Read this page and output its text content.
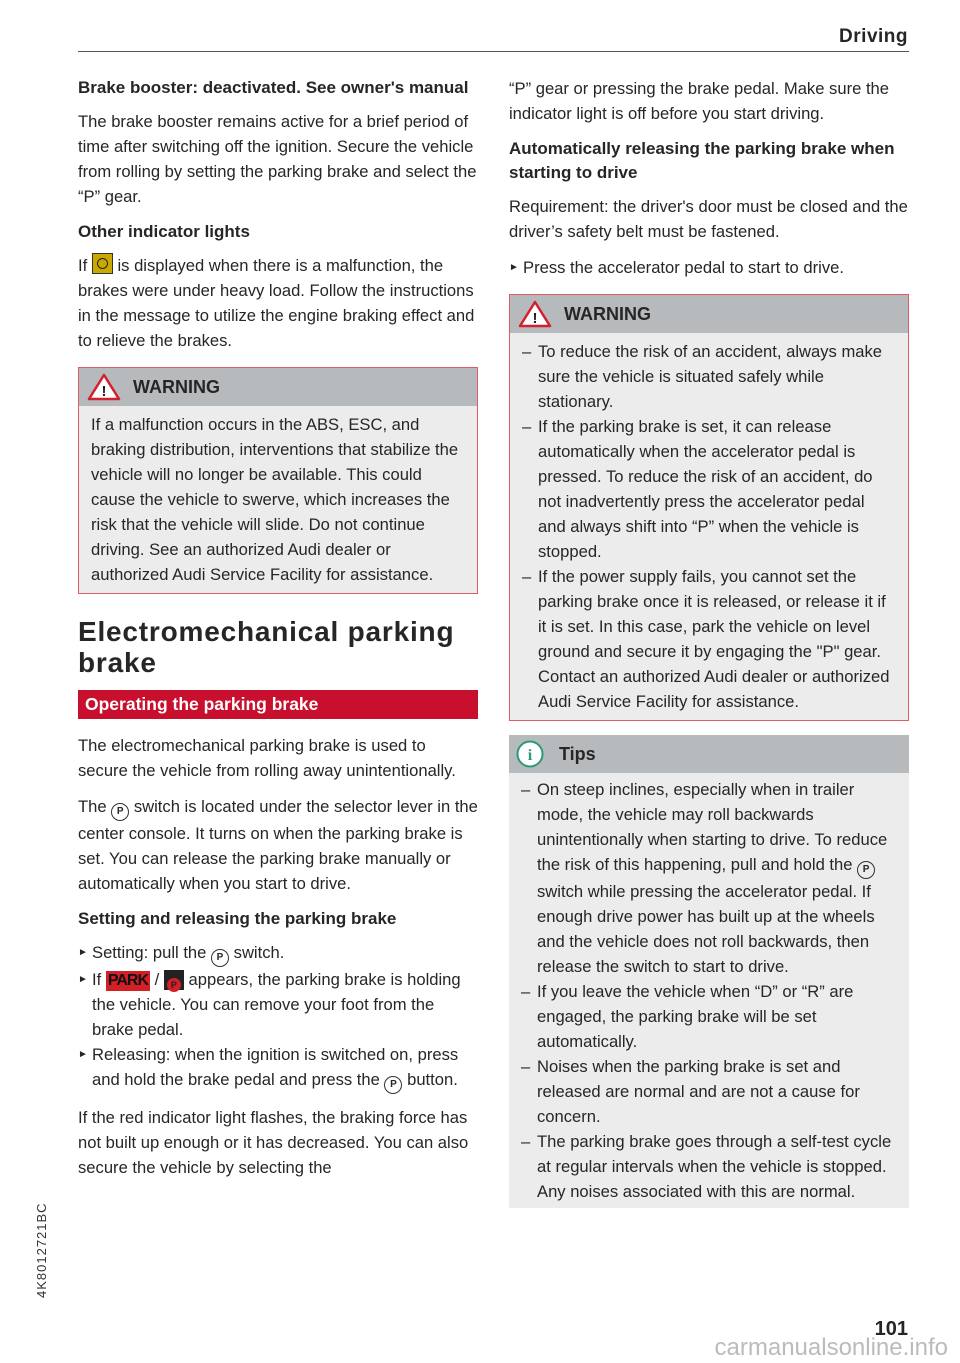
Driving
Brake booster: deactivated. See owner's manual

The brake booster remains active for a brief period of time after switching off the ignition. Secure the vehicle from rolling by setting the parking brake and select the “P” gear.

Other indicator lights

If is displayed when there is a malfunction, the brakes were under heavy load. Follow the instructions in the message to utilize the engine braking effect and to relieve the brakes.

! WARNING
If a malfunction occurs in the ABS, ESC, and braking distribution, interventions that stabilize the vehicle will no longer be available. This could cause the vehicle to swerve, which increases the risk that the vehicle will slide. Do not continue driving. See an authorized Audi dealer or authorized Audi Service Facility for assistance.
Electromechanical parking brake
Operating the parking brake

The electromechanical parking brake is used to secure the vehicle from rolling away unintentionally.

The P switch is located under the selector lever in the center console. It turns on when the parking brake is set. You can release the parking brake manually or automatically when you start to drive.

Setting and releasing the parking brake
► Setting: pull the P switch.
► If PARK / P appears, the parking brake is holding the vehicle. You can remove your foot from the brake pedal.
► Releasing: when the ignition is switched on, press and hold the brake pedal and press the P button.

If the red indicator light flashes, the braking force has not built up enough or it has decreased. You can also secure the vehicle by selecting the

“P” gear or pressing the brake pedal. Make sure the indicator light is off before you start driving.

Automatically releasing the parking brake when starting to drive

Requirement: the driver's door must be closed and the driver’s safety belt must be fastened.

► Press the accelerator pedal to start to drive.
! WARNING
– To reduce the risk of an accident, always make sure the vehicle is situated safely while stationary.
– If the parking brake is set, it can release automatically when the accelerator pedal is pressed. To reduce the risk of an accident, do not inadvertently press the accelerator pedal and always shift into “P” when the vehicle is stopped.
– If the power supply fails, you cannot set the parking brake once it is released, or release it if it is set. In this case, park the vehicle on level ground and secure it by engaging the "P" gear. Contact an authorized Audi dealer or authorized Audi Service Facility for assistance.
i Tips
– On steep inclines, especially when in trailer mode, the vehicle may roll backwards unintentionally when starting to drive. To reduce the risk of this happening, pull and hold the P switch while pressing the accelerator pedal. If enough drive power has built up at the wheels and the vehicle does not roll backwards, then release the switch to start to drive.
– If you leave the vehicle when “D” or “R” are engaged, the parking brake will be set automatically.
– Noises when the parking brake is set and released are normal and are not a cause for concern.
– The parking brake goes through a self-test cycle at regular intervals when the vehicle is stopped. Any noises associated with this are normal.
4K8012721BC
101
carmanualsonline.info
